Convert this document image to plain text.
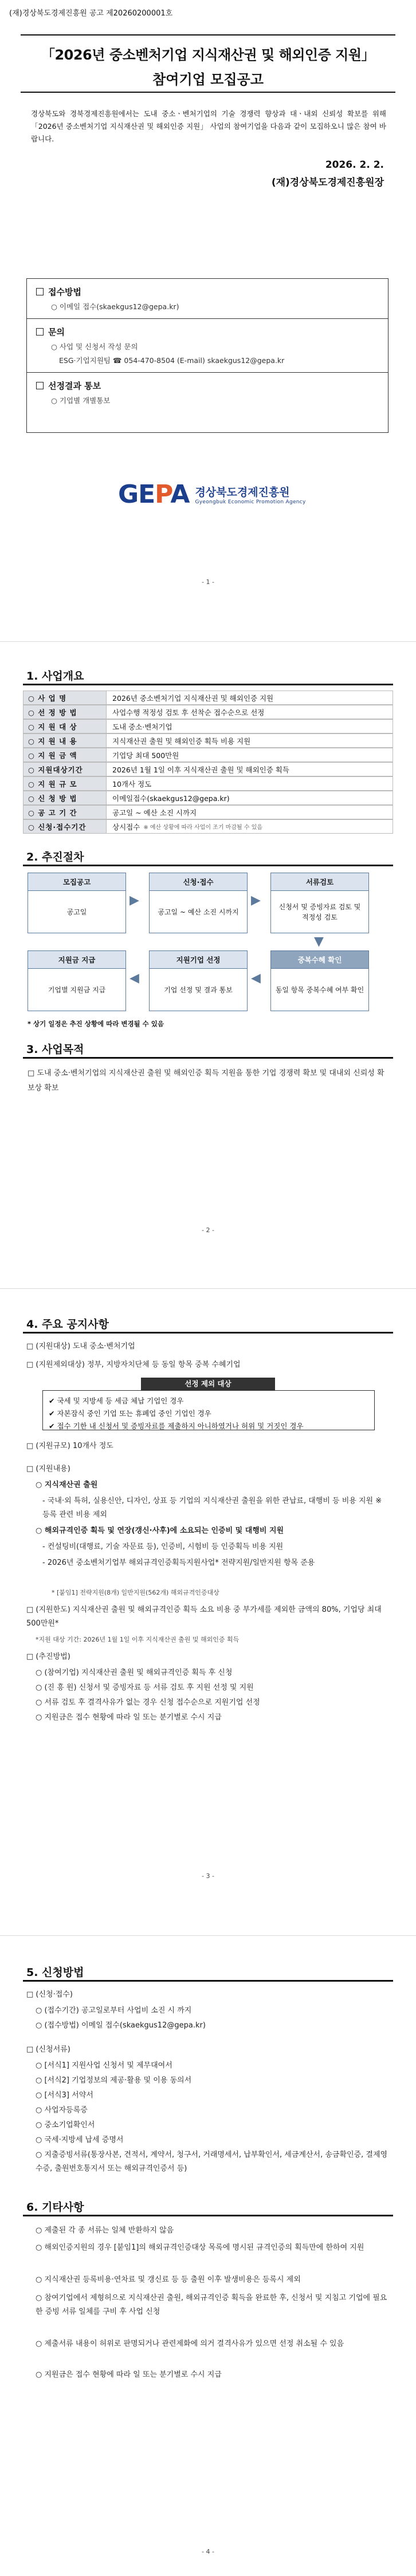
(재)경상북도경제진흥원 공고 제20260200001호
「2026년 중소벤처기업 지식재산권 및 해외인증 지원」
참여기업 모집공고
경상북도와 경북경제진흥원에서는 도내 중소ㆍ벤처기업의 기술 경쟁력 향상과 대ㆍ내외 신뢰성 확보를 위해 「2026년 중소벤처기업 지식재산권 및 해외인증 지원」 사업의 참여기업을 다음과 같이 모집하오니 많은 참여 바랍니다.
2026. 2. 2.
(재)경상북도경제진흥원장
접수방법
○ 이메일 접수(skaekgus12@gepa.kr)
문의
○ 사업 및 신청서 작성 문의
ESG·기업지원팀 ☎ 054-470-8504 (E-mail) skaekgus12@gepa.kr
선정결과 통보
○ 기업별 개별통보
GEPA 경상북도경제진흥원
Gyeongbuk Economic Promotion Agency
- 1 -
1. 사업개요
○ 사 업 명	2026년 중소벤처기업 지식재산권 및 해외인증 지원
○ 선 정 방 법	사업수행 적정성 검토 후 선착순 접수순으로 선정
○ 지 원 대 상	도내 중소·벤처기업
○ 지 원 내 용	지식재산권 출원 및 해외인증 획득 비용 지원
○ 지 원 금 액	기업당 최대 500만원
○ 지원대상기간	2026년 1월 1일 이후 지식재산권 출원 및 해외인증 획득
○ 지 원 규 모	10개사 정도
○ 신 청 방 법	이메일접수(skaekgus12@gepa.kr)
○ 공 고 기 간	공고일 ~ 예산 소진 시까지
○ 신청·접수기간	상시접수 ※ 예산 상황에 따라 사업이 조기 마감될 수 있음
2. 추진절차
모집공고
공고일
▶
신청·접수
공고일 ~ 예산 소진 시까지
▶
서류검토
신청서 및 증빙자료 검토 및 적정성 검토
▼
중복수혜 확인
동일 항목 중복수혜 여부 확인
◀
지원기업 선정
기업 선정 및 결과 통보
◀
지원금 지급
기업별 지원금 지급
* 상기 일정은 추진 상황에 따라 변경될 수 있음
3. 사업목적
□ 도내 중소·벤처기업의 지식재산권 출원 및 해외인증 획득 지원을 통한 기업 경쟁력 확보 및 대내외 신뢰성 확보상 확보
- 2 -
4. 주요 공지사항
□ (지원대상) 도내 중소·벤처기업
□ (지원제외대상) 정부, 지방자치단체 등 동일 항목 중복 수혜기업
선정 제외 대상
✔ 국세 및 지방세 등 세금 체납 기업인 경우
✔ 자본잠식 중인 기업 또는 휴폐업 중인 기업인 경우
✔ 접수 기한 내 신청서 및 증빙자료를 제출하지 아니하였거나 허위 및 거짓인 경우
□ (지원규모) 10개사 정도
□ (지원내용)
○ 지식재산권 출원
- 국내·외 특허, 실용신안, 디자인, 상표 등 기업의 지식재산권 출원을 위한 관납료, 대행비 등 비용 지원 ※ 등록 관련 비용 제외
○ 해외규격인증 획득 및 연장(갱신·사후)에 소요되는 인증비 및 대행비 지원
- 컨설팅비(대행료, 기술 자문료 등), 인증비, 시험비 등 인증획득 비용 지원
- 2026년 중소벤처기업부 해외규격인증획득지원사업* 전략지원/일반지원 항목 준용
* [붙임1] 전략지원(8개) 일반지원(562개) 해외규격인증대상
□ (지원한도) 지식재산권 출원 및 해외규격인증 획득 소요 비용 중 부가세를 제외한 금액의 80%, 기업당 최대 500만원*
*지원 대상 기간: 2026년 1월 1일 이후 지식재산권 출원 및 해외인증 획득
□ (추진방법)
○ (참여기업) 지식재산권 출원 및 해외규격인증 획득 후 신청
○ (진 흥 원) 신청서 및 증빙자료 등 서류 검토 후 지원 선정 및 지원
○ 서류 검토 후 결격사유가 없는 경우 신청 접수순으로 지원기업 선정
○ 지원금은 접수 현황에 따라 일 또는 분기별로 수시 지급
- 3 -
5. 신청방법
□ (신청·접수)
○ (접수기간) 공고일로부터 사업비 소진 시 까지
○ (접수방법) 이메일 접수(skaekgus12@gepa.kr)
□ (신청서류)
○ [서식1] 지원사업 신청서 및 제무대여서
○ [서식2] 기업정보의 제공·활용 및 이용 동의서
○ [서식3] 서약서
○ 사업자등록증
○ 중소기업확인서
○ 국세·지방세 납세 증명서
○ 지출증빙서류(통장사본, 견적서, 계약서, 청구서, 거래명세서, 납부확인서, 세금계산서, 송금확인증, 결제영수증, 출원번호통지서 또는 해외규격인증서 등)
6. 기타사항
○ 제출된 각 종 서류는 일체 반환하지 않음
○ 해외인증지원의 경우 [붙임1]의 해외규격인증대상 목록에 명시된 규격인증의 획득만에 한하여 지원
○ 지식재산권 등록비용·연차료 및 갱신료 등 등 출원 이후 발생비용은 등록시 제외
○ 참여기업에서 제형허으로 지식재산권 출원, 해외규격인증 획득을 완료한 후, 신청서 및 지침고 기업에 필요한 증빙 서류 일체를 구비 후 사업 신청
○ 제출서류 내용이 허위로 판명되거나 관련제화에 의거 결격사유가 있으면 선정 취소될 수 있음
○ 지원금은 접수 현황에 따라 일 또는 분기별로 수시 지급
- 4 -
